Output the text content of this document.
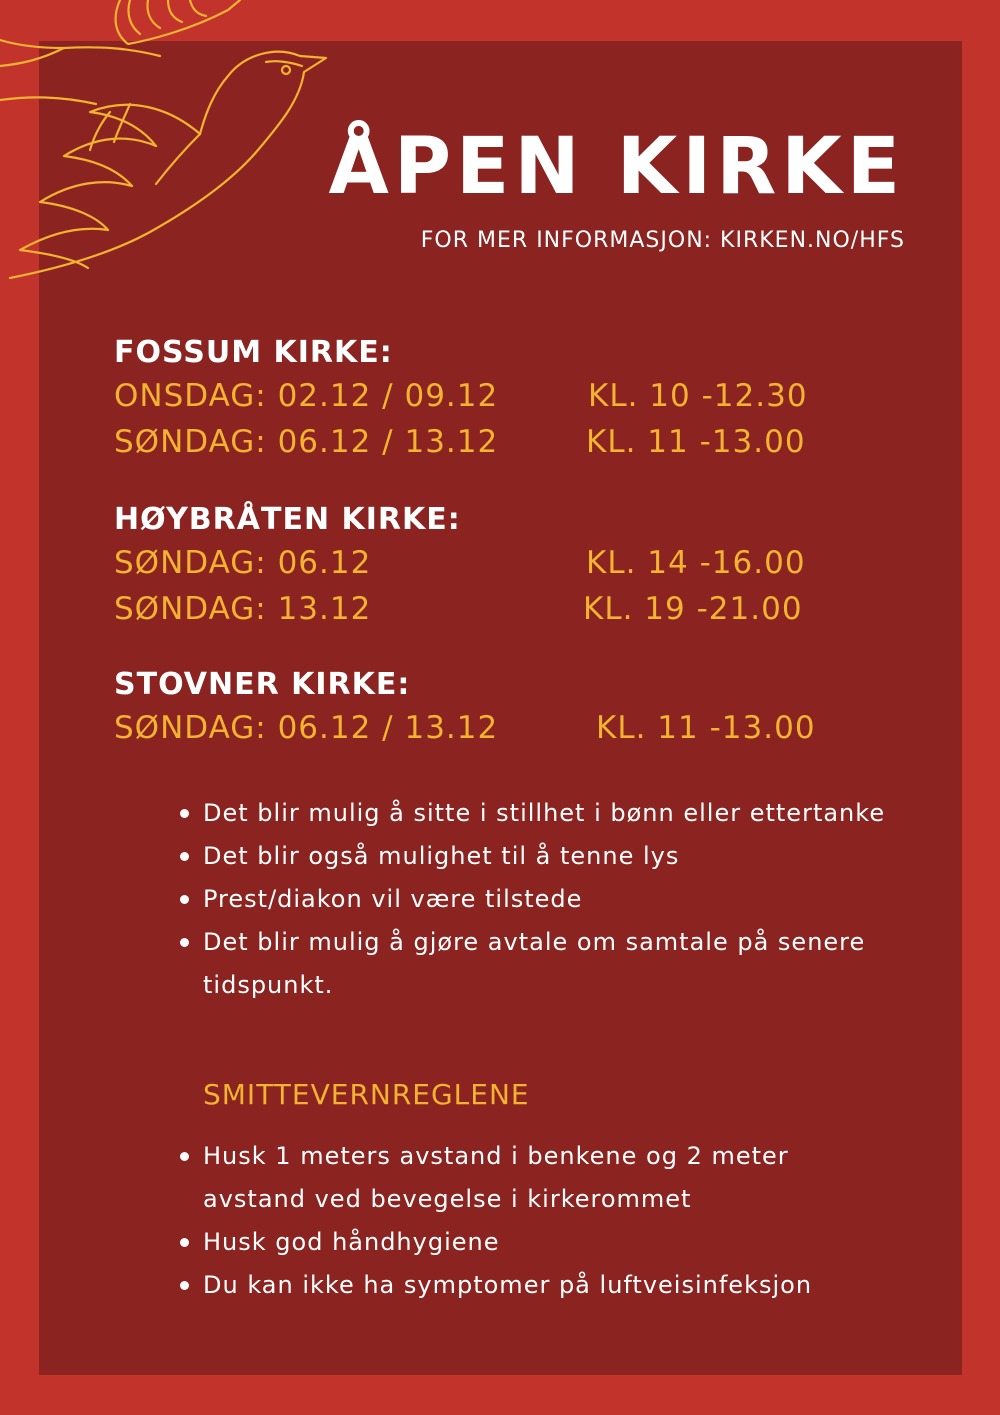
ÅPEN KIRKE
FOR MER INFORMASJON: KIRKEN.NO/HFS
FOSSUM KIRKE:
ONSDAG: 02.12 / 09.12	KL. 10 -12.30
SØNDAG: 06.12 / 13.12	KL. 11 -13.00
HØYBRÅTEN KIRKE:
SØNDAG: 06.12	KL. 14 -16.00
SØNDAG: 13.12	KL. 19 -21.00
STOVNER KIRKE:
SØNDAG: 06.12 / 13.12	KL. 11 -13.00
Det blir mulig å sitte i stillhet i bønn eller ettertanke
Det blir også mulighet til å tenne lys
Prest/diakon vil være tilstede
Det blir mulig å gjøre avtale om samtale på senere tidspunkt.
SMITTEVERNREGLENE
Husk 1 meters avstand i benkene og 2 meter avstand ved bevegelse i kirkerommet
Husk god håndhygiene
Du kan ikke ha symptomer på luftveisinfeksjon
